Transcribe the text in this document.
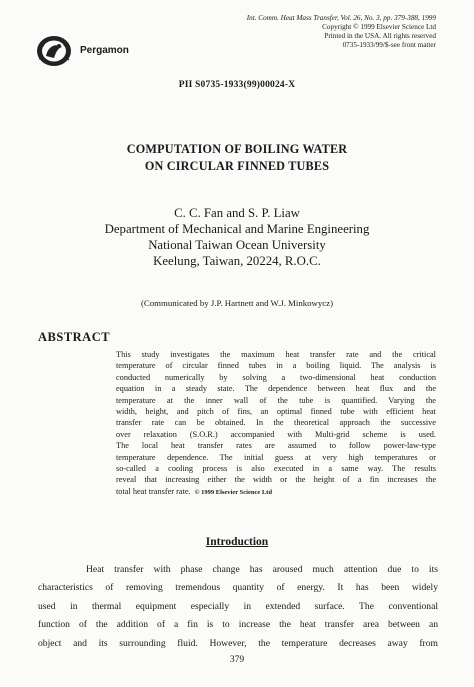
Pergamon
Int. Comm. Heat Mass Transfer, Vol. 26, No. 3, pp. 379-388, 1999
Copyright © 1999 Elsevier Science Ltd
Printed in the USA. All rights reserved
0735-1933/99/$-see front matter
PII S0735-1933(99)00024-X
COMPUTATION OF BOILING WATER
ON CIRCULAR FINNED TUBES
C. C. Fan and S. P. Liaw
Department of Mechanical and Marine Engineering
National Taiwan Ocean University
Keelung, Taiwan, 20224, R.O.C.
(Communicated by J.P. Hartnett and W.J. Minkowycz)
ABSTRACT
This study investigates the maximum heat transfer rate and the critical
temperature of circular finned tubes in a boiling liquid. The analysis is
conducted numerically by solving a two-dimensional heat conduction
equation in a steady state. The dependence between heat flux and the
temperature at the inner wall of the tube is quantified. Varying the
width, height, and pitch of fins, an optimal finned tube with efficient heat
transfer rate can be obtained. In the theoretical approach the successive
over relaxation (S.O.R.) accompanied with Multi-grid scheme is used.
The local heat transfer rates are assumed to follow power-law-type
temperature dependence. The initial guess at very high temperatures or
so-called a cooling process is also executed in a same way. The results
reveal that increasing either the width or the height of a fin increases the
total heat transfer rate. © 1999 Elsevier Science Ltd
Introduction
Heat transfer with phase change has aroused much attention due to its
characteristics of removing tremendous quantity of energy. It has been widely
used in thermal equipment especially in extended surface. The conventional
function of the addition of a fin is to increase the heat transfer area between an
object and its surrounding fluid. However, the temperature decreases away from
379
